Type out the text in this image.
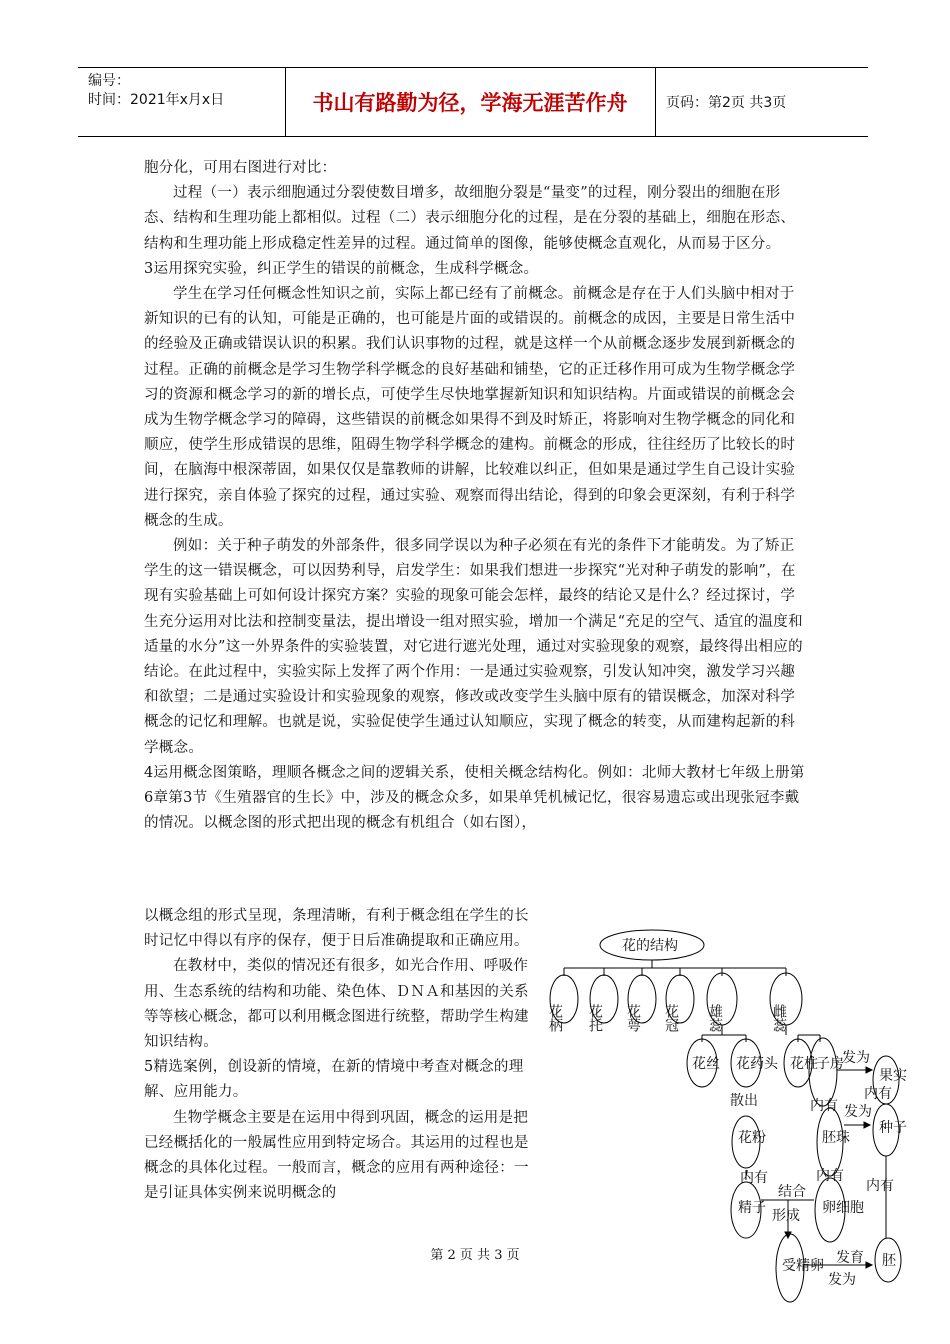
编号：
时间：2021年x月x日	书山有路勤为径，学海无涯苦作舟	页码：第2页 共3页

胞分化，可用右图进行对比：

过程（一）表示细胞通过分裂使数目增多，故细胞分裂是“量变”的过程，刚分裂出的细胞在形态、结构和生理功能上都相似。过程（二）表示细胞分化的过程，是在分裂的基础上，细胞在形态、结构和生理功能上形成稳定性差异的过程。通过简单的图像，能够使概念直观化，从而易于区分。

3运用探究实验，纠正学生的错误的前概念，生成科学概念。

学生在学习任何概念性知识之前，实际上都已经有了前概念。前概念是存在于人们头脑中相对于新知识的已有的认知，可能是正确的，也可能是片面的或错误的。前概念的成因，主要是日常生活中的经验及正确或错误认识的积累。我们认识事物的过程，就是这样一个从前概念逐步发展到新概念的过程。正确的前概念是学习生物学科学概念的良好基础和铺垫，它的正迁移作用可成为生物学概念学习的资源和概念学习的新的增长点，可使学生尽快地掌握新知识和知识结构。片面或错误的前概念会成为生物学概念学习的障碍，这些错误的前概念如果得不到及时矫正，将影响对生物学概念的同化和顺应，使学生形成错误的思维，阻碍生物学科学概念的建构。前概念的形成，往往经历了比较长的时间，在脑海中根深蒂固，如果仅仅是靠教师的讲解，比较难以纠正，但如果是通过学生自己设计实验进行探究，亲自体验了探究的过程，通过实验、观察而得出结论，得到的印象会更深刻，有利于科学概念的生成。

例如：关于种子萌发的外部条件，很多同学误以为种子必须在有光的条件下才能萌发。为了矫正学生的这一错误概念，可以因势利导，启发学生：如果我们想进一步探究“光对种子萌发的影响”，在现有实验基础上可如何设计探究方案？实验的现象可能会怎样，最终的结论又是什么？经过探讨，学生充分运用对比法和控制变量法，提出增设一组对照实验，增加一个满足“充足的空气、适宜的温度和适量的水分”这一外界条件的实验装置，对它进行遮光处理，通过对实验现象的观察，最终得出相应的结论。在此过程中，实验实际上发挥了两个作用：一是通过实验观察，引发认知冲突，激发学习兴趣和欲望；二是通过实验设计和实验现象的观察，修改或改变学生头脑中原有的错误概念，加深对科学概念的记忆和理解。也就是说，实验促使学生通过认知顺应，实现了概念的转变，从而建构起新的科学概念。

4运用概念图策略，理顺各概念之间的逻辑关系，使相关概念结构化。例如：北师大教材七年级上册第6章第3节《生殖器官的生长》中，涉及的概念众多，如果单凭机械记忆，很容易遗忘或出现张冠李戴的情况。以概念图的形式把出现的概念有机组合（如右图），

以概念组的形式呈现，条理清晰，有利于概念组在学生的长时记忆中得以有序的保存，便于日后准确提取和正确应用。

在教材中，类似的情况还有很多，如光合作用、呼吸作用、生态系统的结构和功能、染色体、ＤＮＡ和基因的关系等等核心概念，都可以利用概念图进行统整，帮助学生构建知识结构。

5精选案例，创设新的情境，在新的情境中考查对概念的理解、应用能力。

生物学概念主要是在运用中得到巩固，概念的运用是把已经概括化的一般属性应用到特定场合。其运用的过程也是概念的具体化过程。一般而言，概念的应用有两种途径：一是引证具体实例来说明概念的

花的结构
花柄 花托 花萼 花冠 雄蕊	雌蕊
花丝 花药头 花柱
子房
果实
种子
花粉	胚珠
精子	卵细胞
受精卵	胚
发为
内有
散出	内有 发为
内有	内有
内有
结合
形成
发育
发为
第 2 页 共 3 页
